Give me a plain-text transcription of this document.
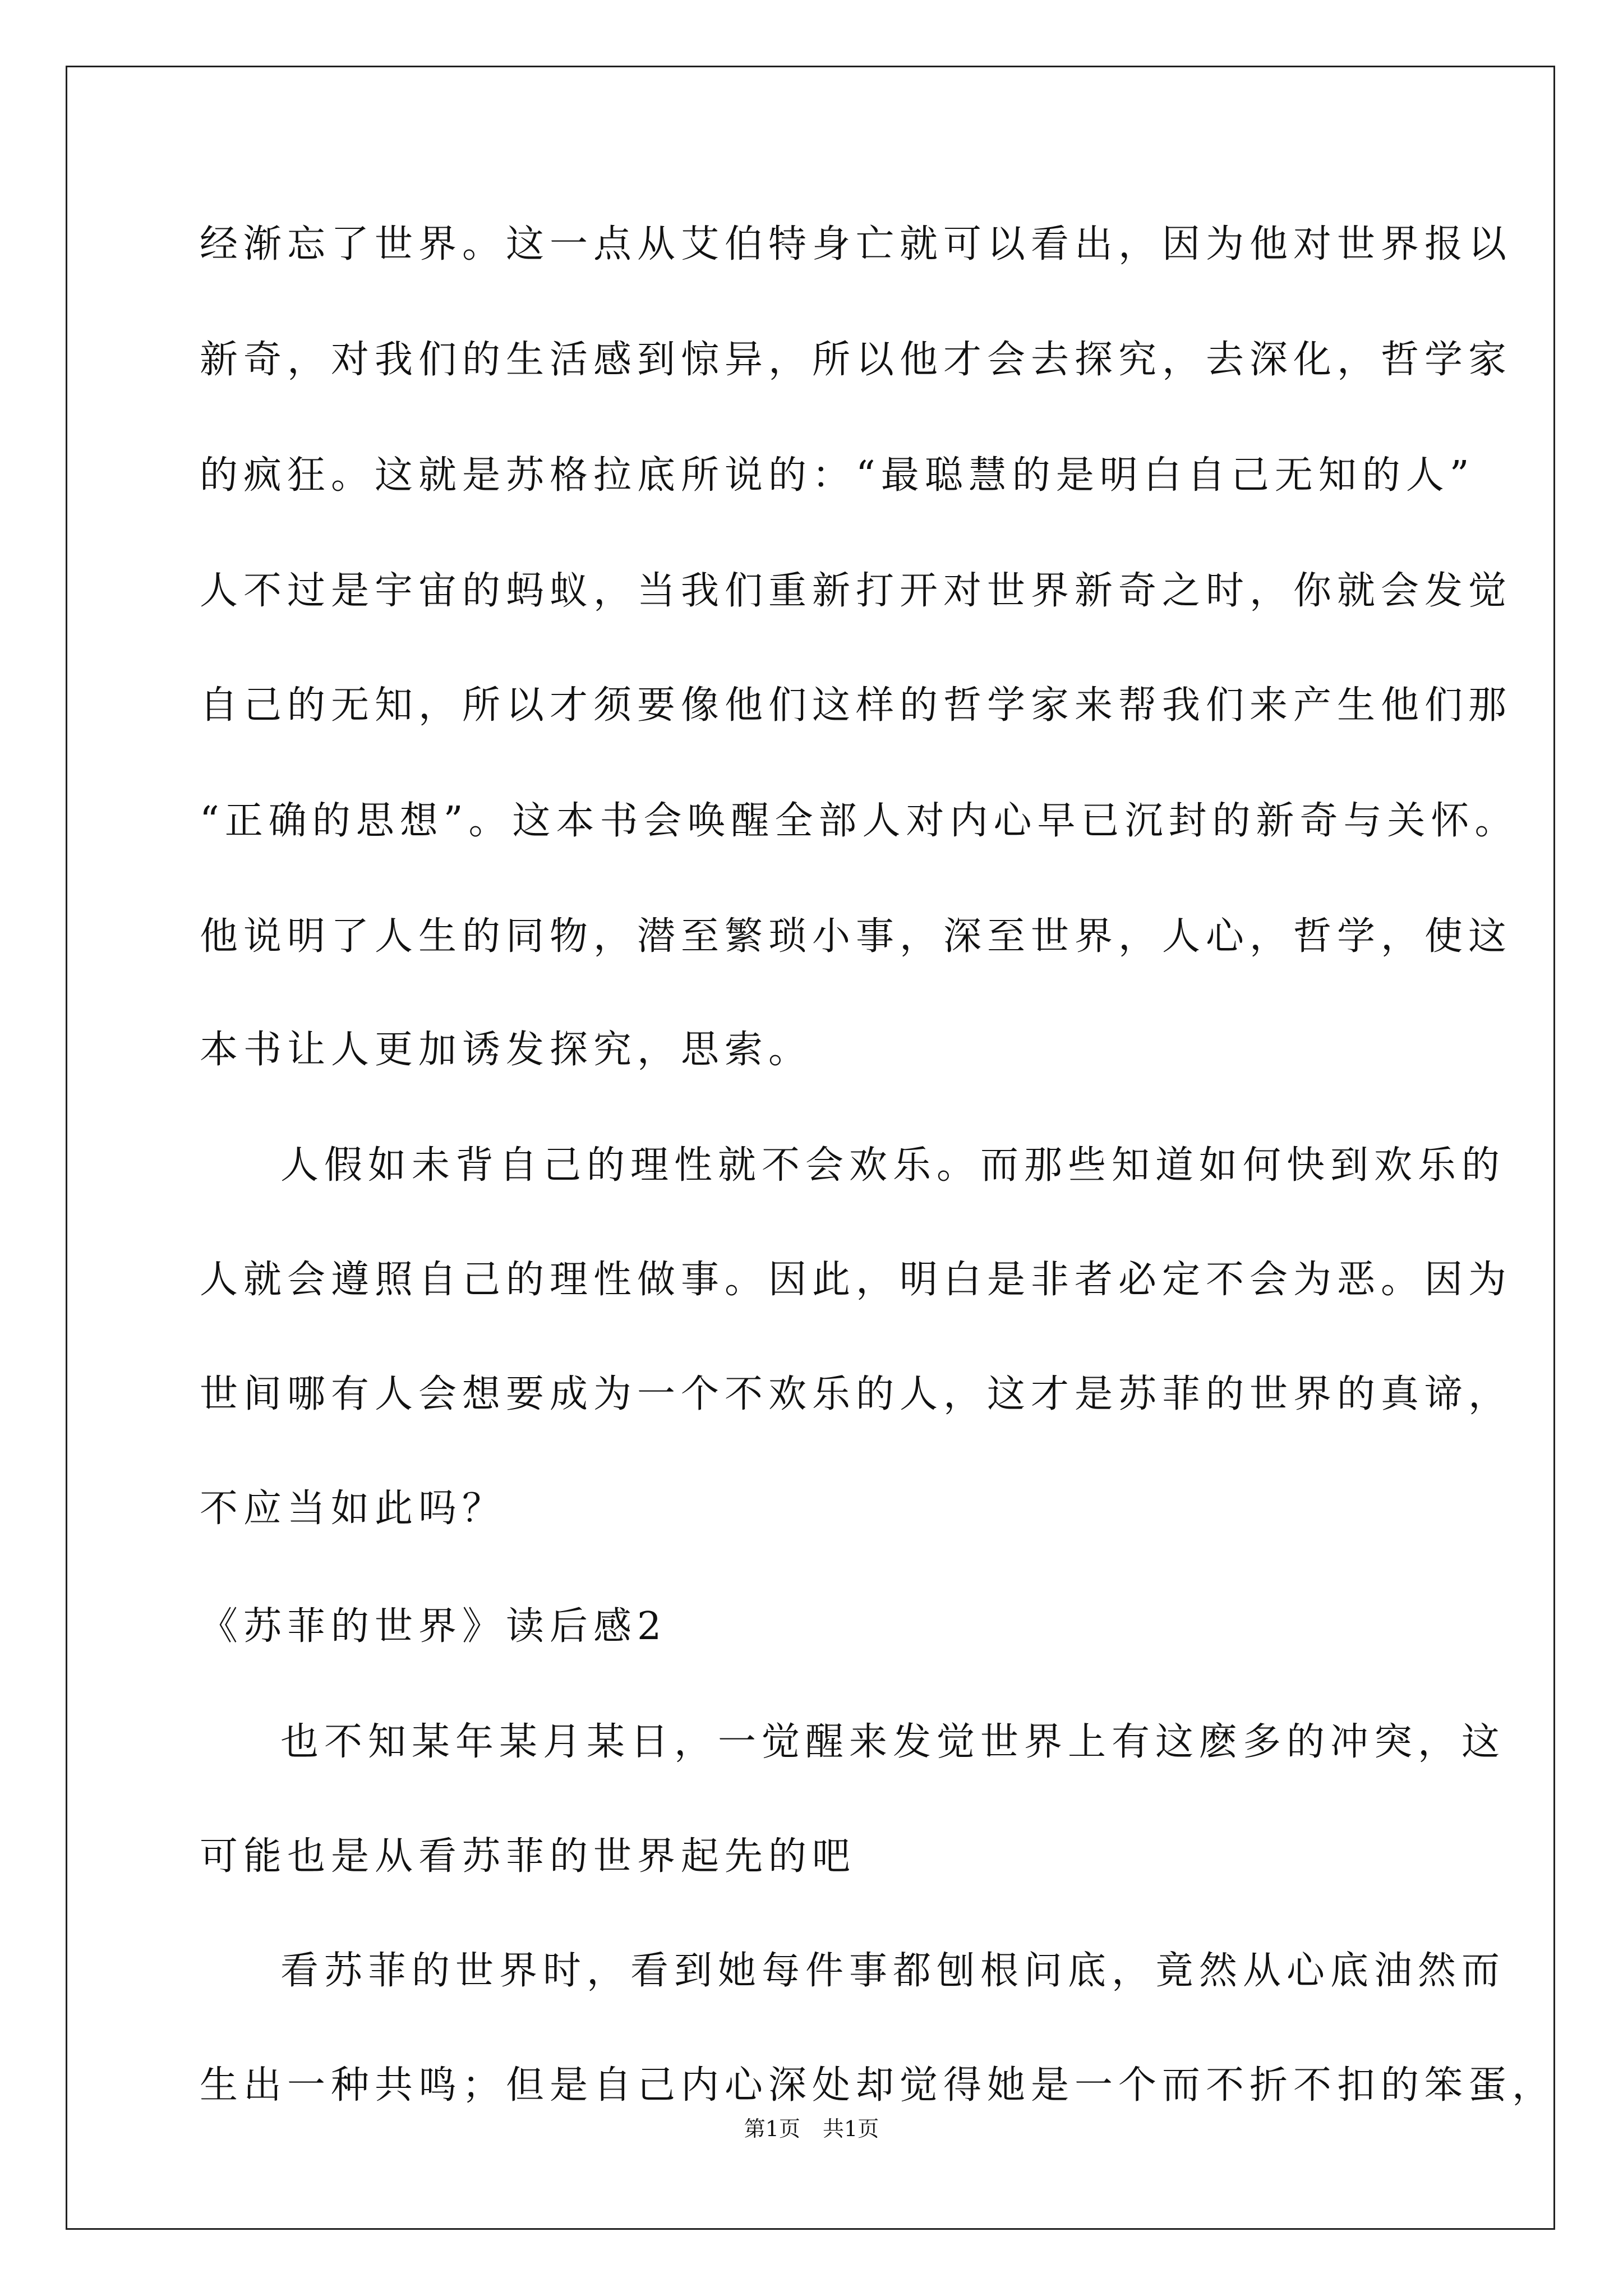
经渐忘了世界。这一点从艾伯特身亡就可以看出，因为他对世界报以

新奇，对我们的生活感到惊异，所以他才会去探究，去深化，哲学家

的疯狂。这就是苏格拉底所说的：“最聪慧的是明白自己无知的人”

人不过是宇宙的蚂蚁，当我们重新打开对世界新奇之时，你就会发觉

自己的无知，所以才须要像他们这样的哲学家来帮我们来产生他们那

“正确的思想”。这本书会唤醒全部人对内心早已沉封的新奇与关怀。

他说明了人生的同物，潜至繁琐小事，深至世界，人心，哲学，使这

本书让人更加诱发探究，思索。

人假如未背自己的理性就不会欢乐。而那些知道如何快到欢乐的

人就会遵照自己的理性做事。因此，明白是非者必定不会为恶。因为

世间哪有人会想要成为一个不欢乐的人，这才是苏菲的世界的真谛，

不应当如此吗？

《苏菲的世界》读后感2

也不知某年某月某日，一觉醒来发觉世界上有这麽多的冲突，这

可能也是从看苏菲的世界起先的吧

看苏菲的世界时，看到她每件事都刨根问底，竟然从心底油然而

生出一种共鸣；但是自己内心深处却觉得她是一个而不折不扣的笨蛋，

第1页 共1页
